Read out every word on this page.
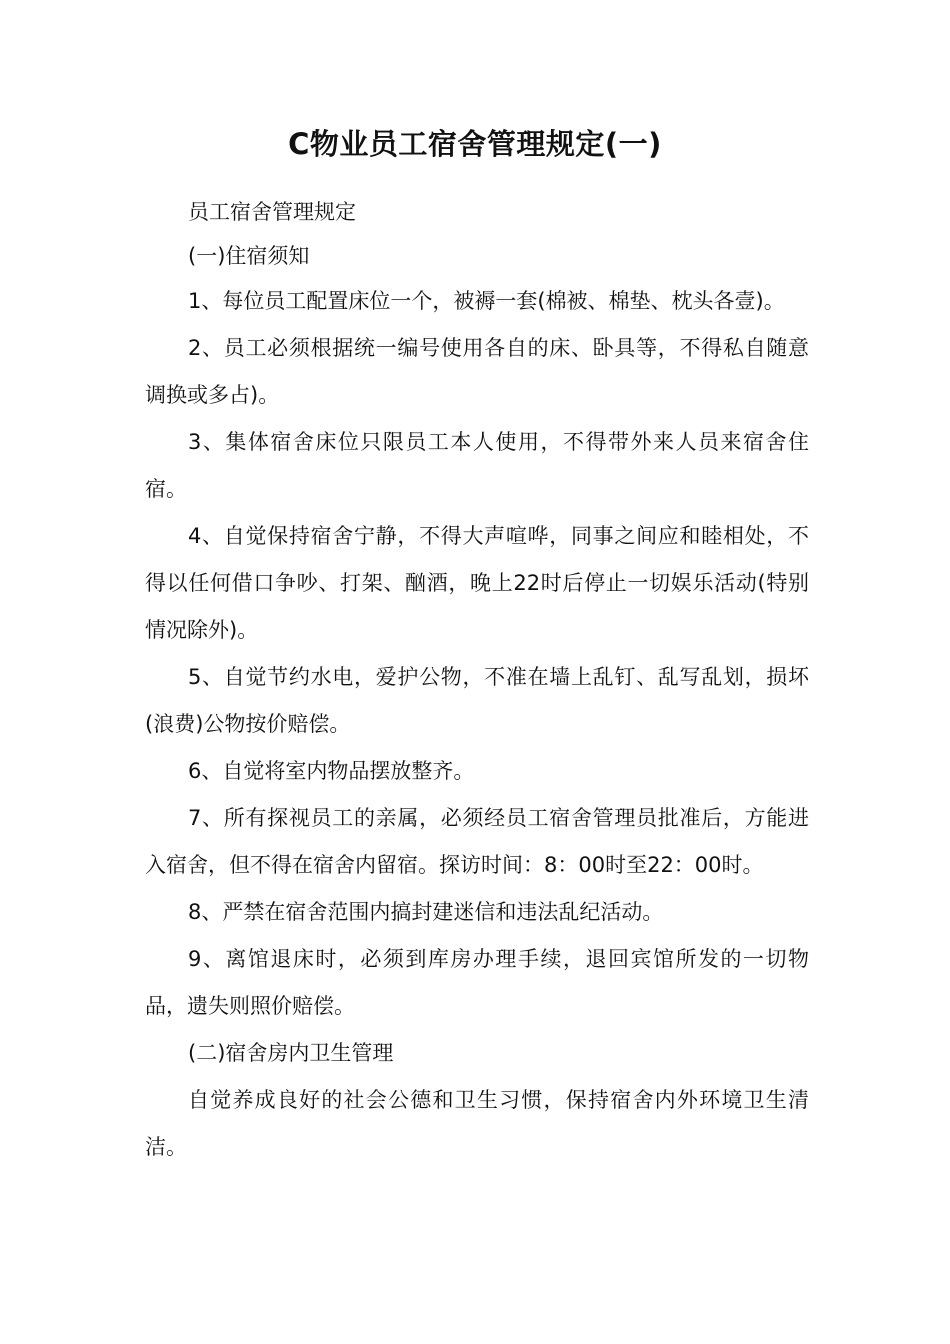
C物业员工宿舍管理规定(一)

员工宿舍管理规定

(一)住宿须知

1、每位员工配置床位一个，被褥一套(棉被、棉垫、枕头各壹)。

2、员工必须根据统一编号使用各自的床、卧具等，不得私自随意调换或多占)。

3、集体宿舍床位只限员工本人使用，不得带外来人员来宿舍住宿。

4、自觉保持宿舍宁静，不得大声喧哗，同事之间应和睦相处，不得以任何借口争吵、打架、酗酒，晚上22时后停止一切娱乐活动(特别情况除外)。

5、自觉节约水电，爱护公物，不准在墙上乱钉、乱写乱划，损坏(浪费)公物按价赔偿。

6、自觉将室内物品摆放整齐。

7、所有探视员工的亲属，必须经员工宿舍管理员批准后，方能进入宿舍，但不得在宿舍内留宿。探访时间：8：00时至22：00时。

8、严禁在宿舍范围内搞封建迷信和违法乱纪活动。

9、离馆退床时，必须到库房办理手续，退回宾馆所发的一切物品，遗失则照价赔偿。

(二)宿舍房内卫生管理

自觉养成良好的社会公德和卫生习惯，保持宿舍内外环境卫生清洁。
